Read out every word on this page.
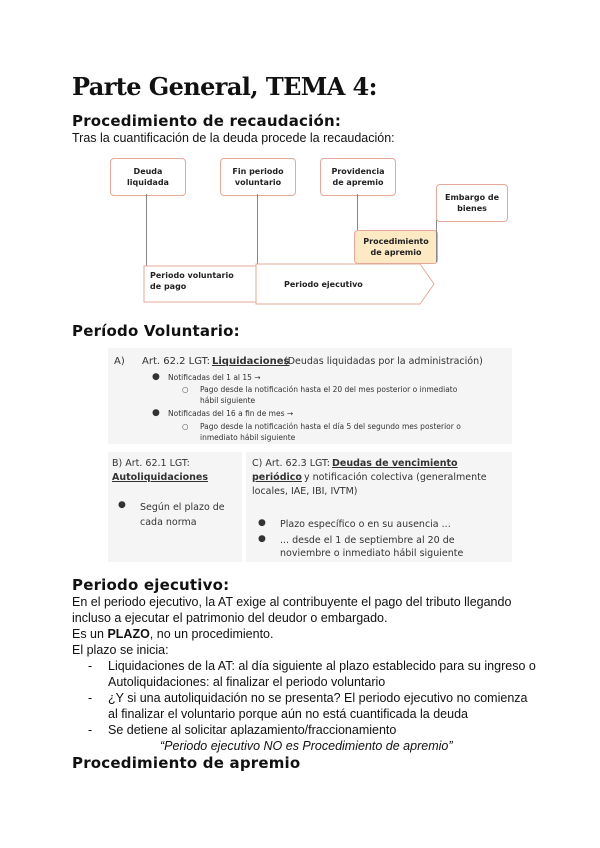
Parte General, TEMA 4:
Procedimiento de recaudación:
Tras la cuantificación de la deuda procede la recaudación:
Deuda
liquidada
Fin periodo
voluntario
Providencia
de apremio
Embargo de
bienes
Procedimiento
de apremio
Periodo voluntario
de pago	Periodo ejecutivo
Período Voluntario:
A) Art. 62.2 LGT: Liquidaciones
(Deudas liquidadas por la administración)
● Notificadas del 1 al 15 →
○ Pago desde la notificación hasta el 20 del mes posterior o inmediato
hábil siguiente
● Notificadas del 16 a fin de mes →
○ Pago desde la notificación hasta el día 5 del segundo mes posterior o
inmediato hábil siguiente
B) Art. 62.1 LGT:
Autoliquidaciones
● Según el plazo de
cada norma
C) Art. 62.3 LGT: Deudas de vencimiento
periódico y notificación colectiva (generalmente
locales, IAE, IBI, IVTM)
● Plazo específico o en su ausencia ...
● ... desde el 1 de septiembre al 20 de
noviembre o inmediato hábil siguiente
Periodo ejecutivo:
En el periodo ejecutivo, la AT exige al contribuyente el pago del tributo llegando
incluso a ejecutar el patrimonio del deudor o embargado.
Es un PLAZO, no un procedimiento.
El plazo se inicia:
- Liquidaciones de la AT: al día siguiente al plazo establecido para su ingreso o
Autoliquidaciones: al finalizar el periodo voluntario
- ¿Y si una autoliquidación no se presenta? El periodo ejecutivo no comienza
al finalizar el voluntario porque aún no está cuantificada la deuda
- Se detiene al solicitar aplazamiento/fraccionamiento
“Periodo ejecutivo NO es Procedimiento de apremio”
Procedimiento de apremio
